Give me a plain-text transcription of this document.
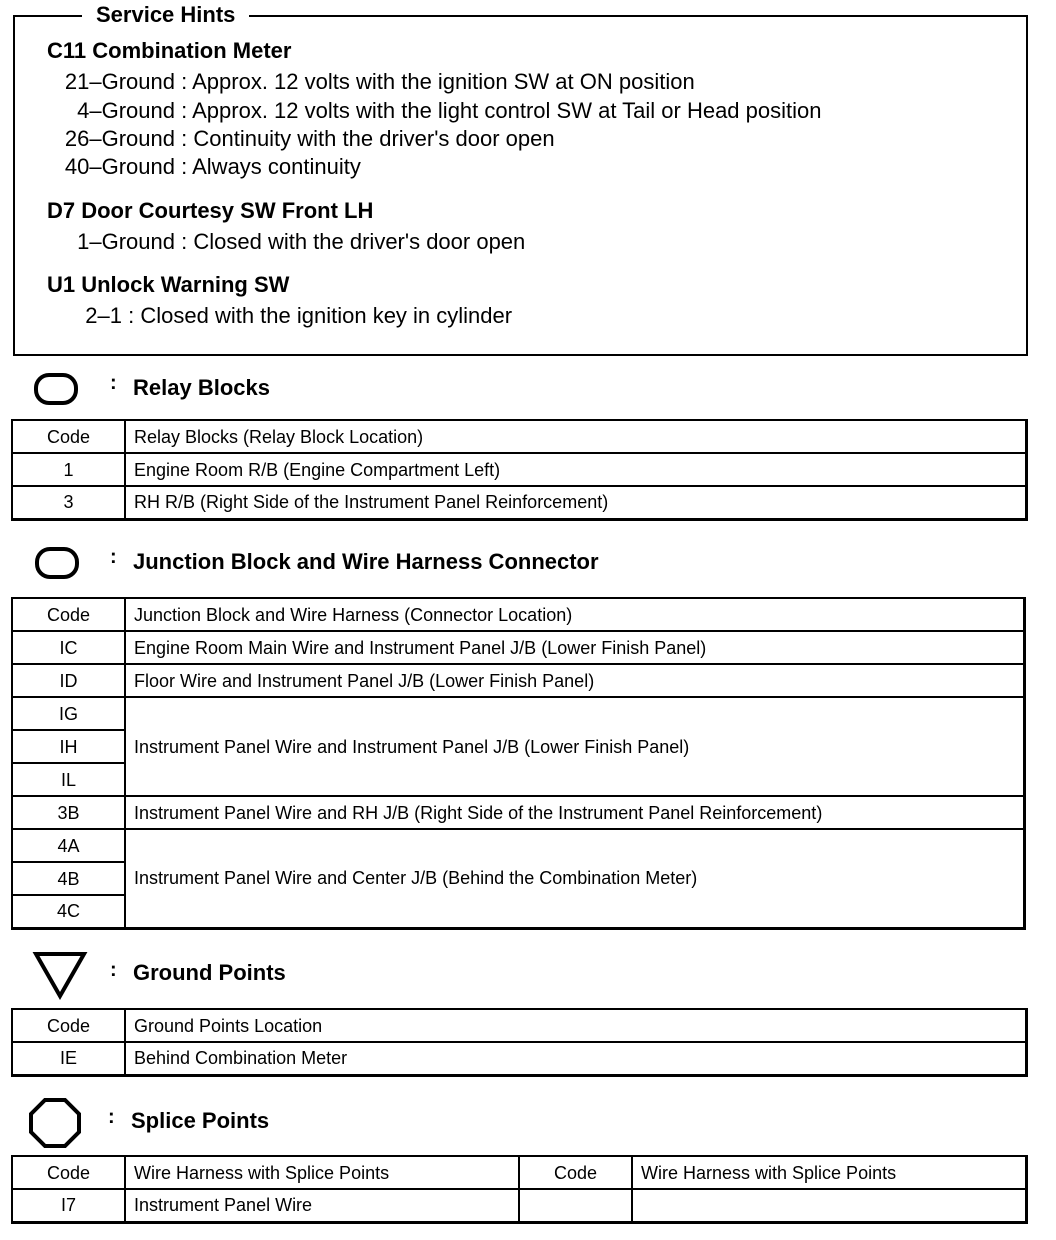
Service Hints
C11 Combination Meter
21–Ground : Approx. 12 volts with the ignition SW at ON position
4–Ground : Approx. 12 volts with the light control SW at Tail or Head position
26–Ground : Continuity with the driver's door open
40–Ground : Always continuity
D7 Door Courtesy SW Front LH
1–Ground : Closed with the driver's door open
U1 Unlock Warning SW
2–1 : Closed with the ignition key in cylinder
: Relay Blocks
Code	Relay Blocks (Relay Block Location)
1	Engine Room R/B (Engine Compartment Left)
3	RH R/B (Right Side of the Instrument Panel Reinforcement)
: Junction Block and Wire Harness Connector
Code	Junction Block and Wire Harness (Connector Location)
IC	Engine Room Main Wire and Instrument Panel J/B (Lower Finish Panel)
ID	Floor Wire and Instrument Panel J/B (Lower Finish Panel)
IG	Instrument Panel Wire and Instrument Panel J/B (Lower Finish Panel)
IH	
IL	
3B	Instrument Panel Wire and RH J/B (Right Side of the Instrument Panel Reinforcement)
4A	Instrument Panel Wire and Center J/B (Behind the Combination Meter)
4B	
4C	
: Ground Points
Code	Ground Points Location
IE	Behind Combination Meter
: Splice Points
Code	Wire Harness with Splice Points	Code	Wire Harness with Splice Points
I7	Instrument Panel Wire		
